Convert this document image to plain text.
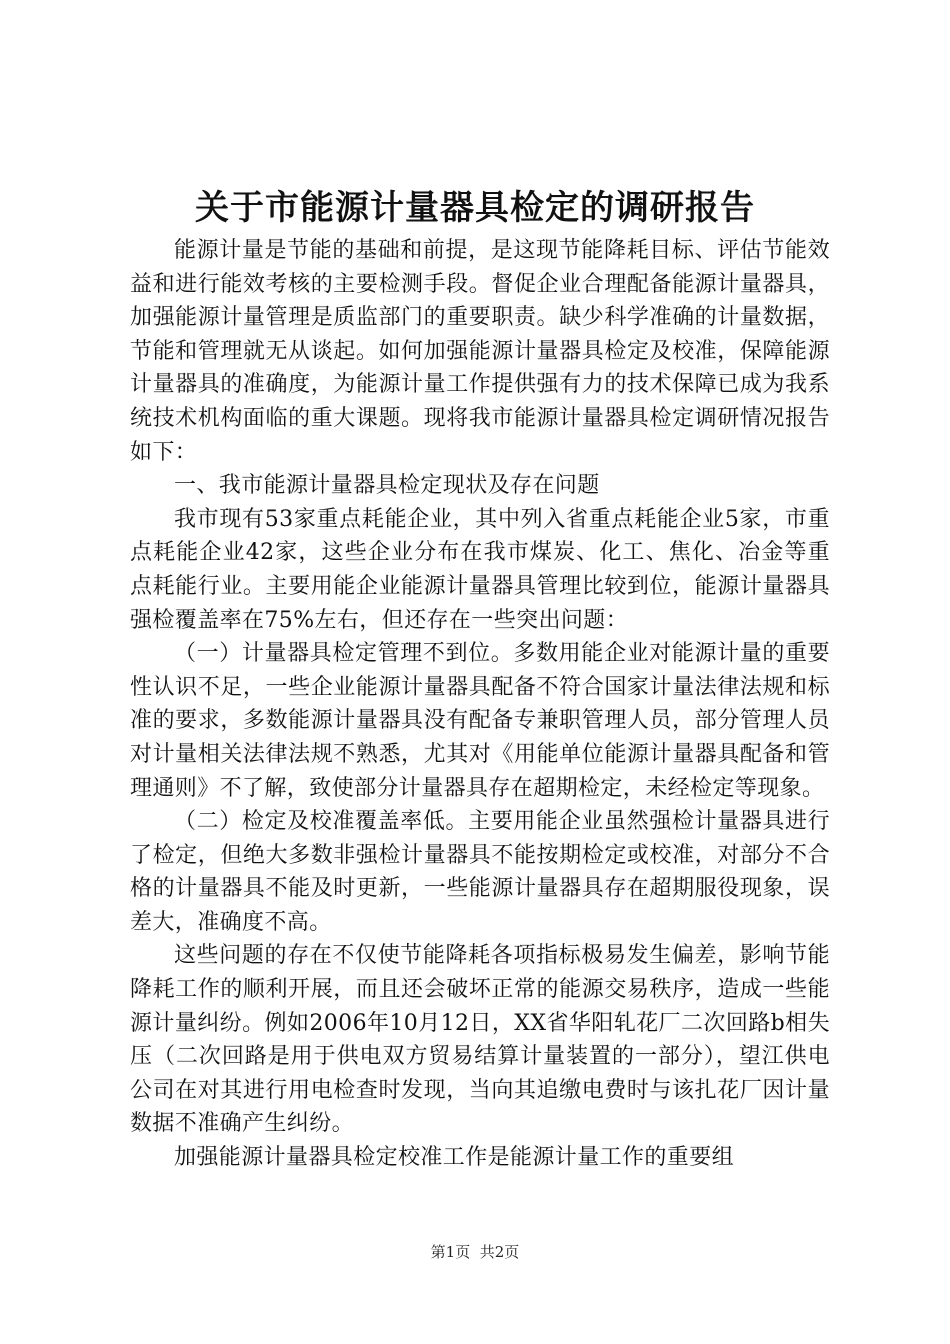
关于市能源计量器具检定的调研报告

能源计量是节能的基础和前提，是这现节能降耗目标、评估节能效益和进行能效考核的主要检测手段。督促企业合理配备能源计量器具，加强能源计量管理是质监部门的重要职责。缺少科学准确的计量数据，节能和管理就无从谈起。如何加强能源计量器具检定及校准，保障能源计量器具的准确度，为能源计量工作提供强有力的技术保障已成为我系统技术机构面临的重大课题。现将我市能源计量器具检定调研情况报告如下：

一、我市能源计量器具检定现状及存在问题

我市现有53家重点耗能企业，其中列入省重点耗能企业5家，市重点耗能企业42家，这些企业分布在我市煤炭、化工、焦化、冶金等重点耗能行业。主要用能企业能源计量器具管理比较到位，能源计量器具强检覆盖率在75%左右，但还存在一些突出问题：

（一）计量器具检定管理不到位。多数用能企业对能源计量的重要性认识不足，一些企业能源计量器具配备不符合国家计量法律法规和标准的要求，多数能源计量器具没有配备专兼职管理人员，部分管理人员对计量相关法律法规不熟悉，尤其对《用能单位能源计量器具配备和管理通则》不了解，致使部分计量器具存在超期检定，未经检定等现象。

（二）检定及校准覆盖率低。主要用能企业虽然强检计量器具进行了检定，但绝大多数非强检计量器具不能按期检定或校准，对部分不合格的计量器具不能及时更新，一些能源计量器具存在超期服役现象，误差大，准确度不高。

这些问题的存在不仅使节能降耗各项指标极易发生偏差，影响节能降耗工作的顺利开展，而且还会破坏正常的能源交易秩序，造成一些能源计量纠纷。例如2006年10月12日，XX省华阳轧花厂二次回路b相失压（二次回路是用于供电双方贸易结算计量装置的一部分），望江供电公司在对其进行用电检查时发现，当向其追缴电费时与该扎花厂因计量数据不准确产生纠纷。

加强能源计量器具检定校准工作是能源计量工作的重要组

第1页 共2页
